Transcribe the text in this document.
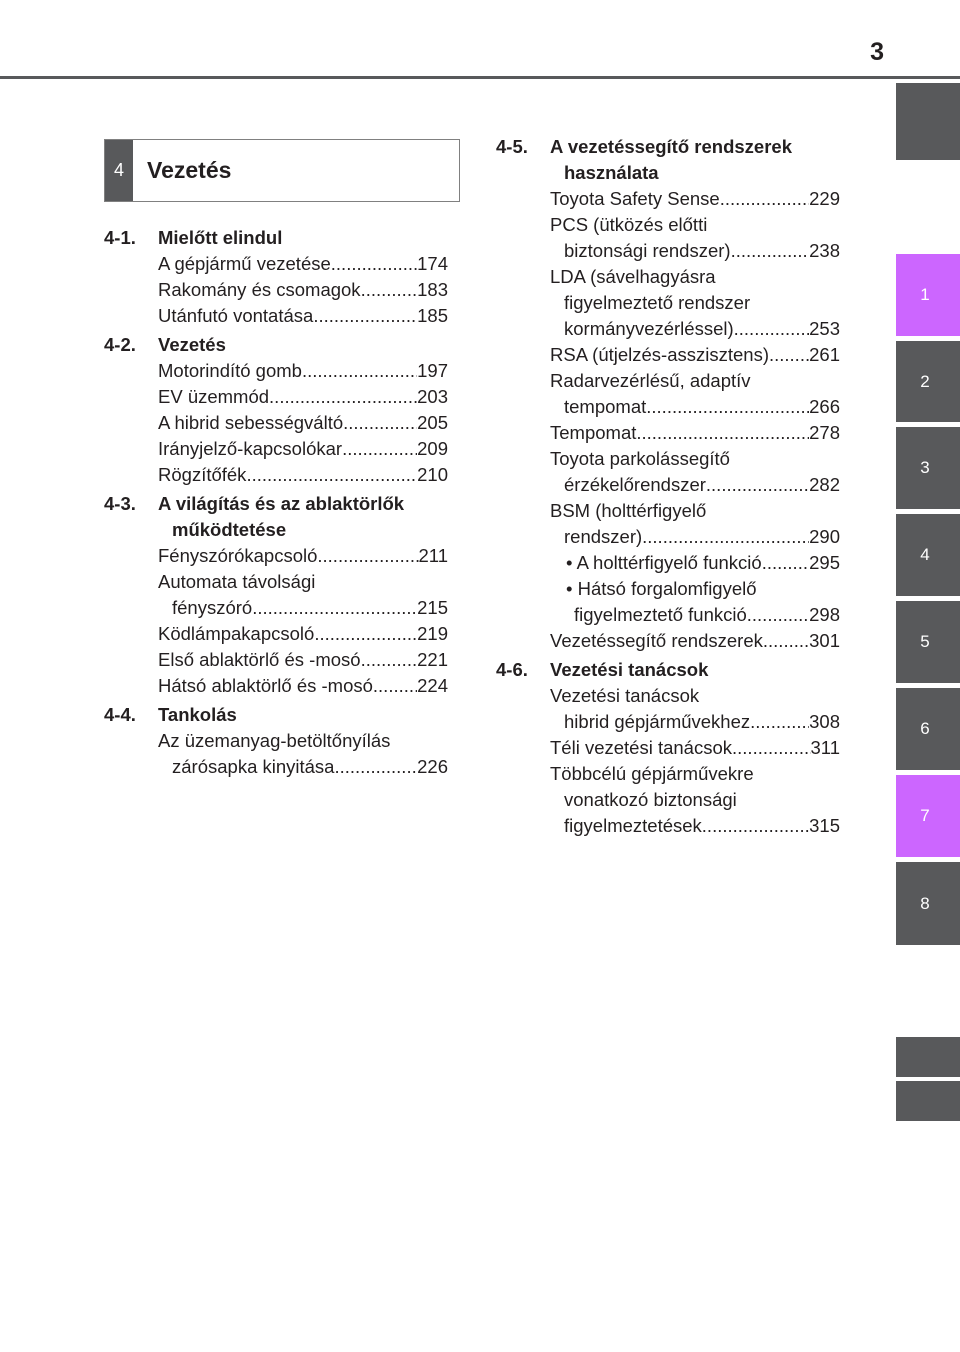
3
1
2
3
4
5
6
7
8
4	Vezetés
4-1.	Mielőtt elindul
A gépjármű vezetése .....	174
Rakomány és csomagok .....	183
Utánfutó vontatása .....	185
4-2.	Vezetés
Motorindító gomb .....	197
EV üzemmód .....	203
A hibrid sebességváltó .....	205
Irányjelző-kapcsolókar .....	209
Rögzítőfék .....	210
4-3.	A világítás és az ablaktörlők
működtetése
Fényszórókapcsoló .....	211
Automata távolsági
fényszóró .....	215
Ködlámpakapcsoló .....	219
Első ablaktörlő és -mosó .....	221
Hátsó ablaktörlő és -mosó ..... 224
4-4.	Tankolás
Az üzemanyag-betöltőnyílás
zárósapka kinyitása .....	226
4-5.	A vezetéssegítő rendszerek
használata
Toyota Safety Sense .....	229
PCS (ütközés előtti
biztonsági rendszer) .....	238
LDA (sávelhagyásra
figyelmeztető rendszer
kormányvezérléssel) .....	253
RSA (útjelzés-asszisztens) ..... 261
Radarvezérlésű, adaptív
tempomat .....	266
Tempomat .....	278
Toyota parkolássegítő
érzékelőrendszer .....	282
BSM (holttérfigyelő
rendszer) .....	290
• A holttérfigyelő funkció .....	295
• Hátsó forgalomfigyelő
figyelmeztető funkció .....	298
Vezetéssegítő rendszerek ..... 301
4-6.	Vezetési tanácsok
Vezetési tanácsok
hibrid gépjárművekhez .....	308
Téli vezetési tanácsok .....	311
Többcélú gépjárművekre
vonatkozó biztonsági
figyelmeztetések .....	315
